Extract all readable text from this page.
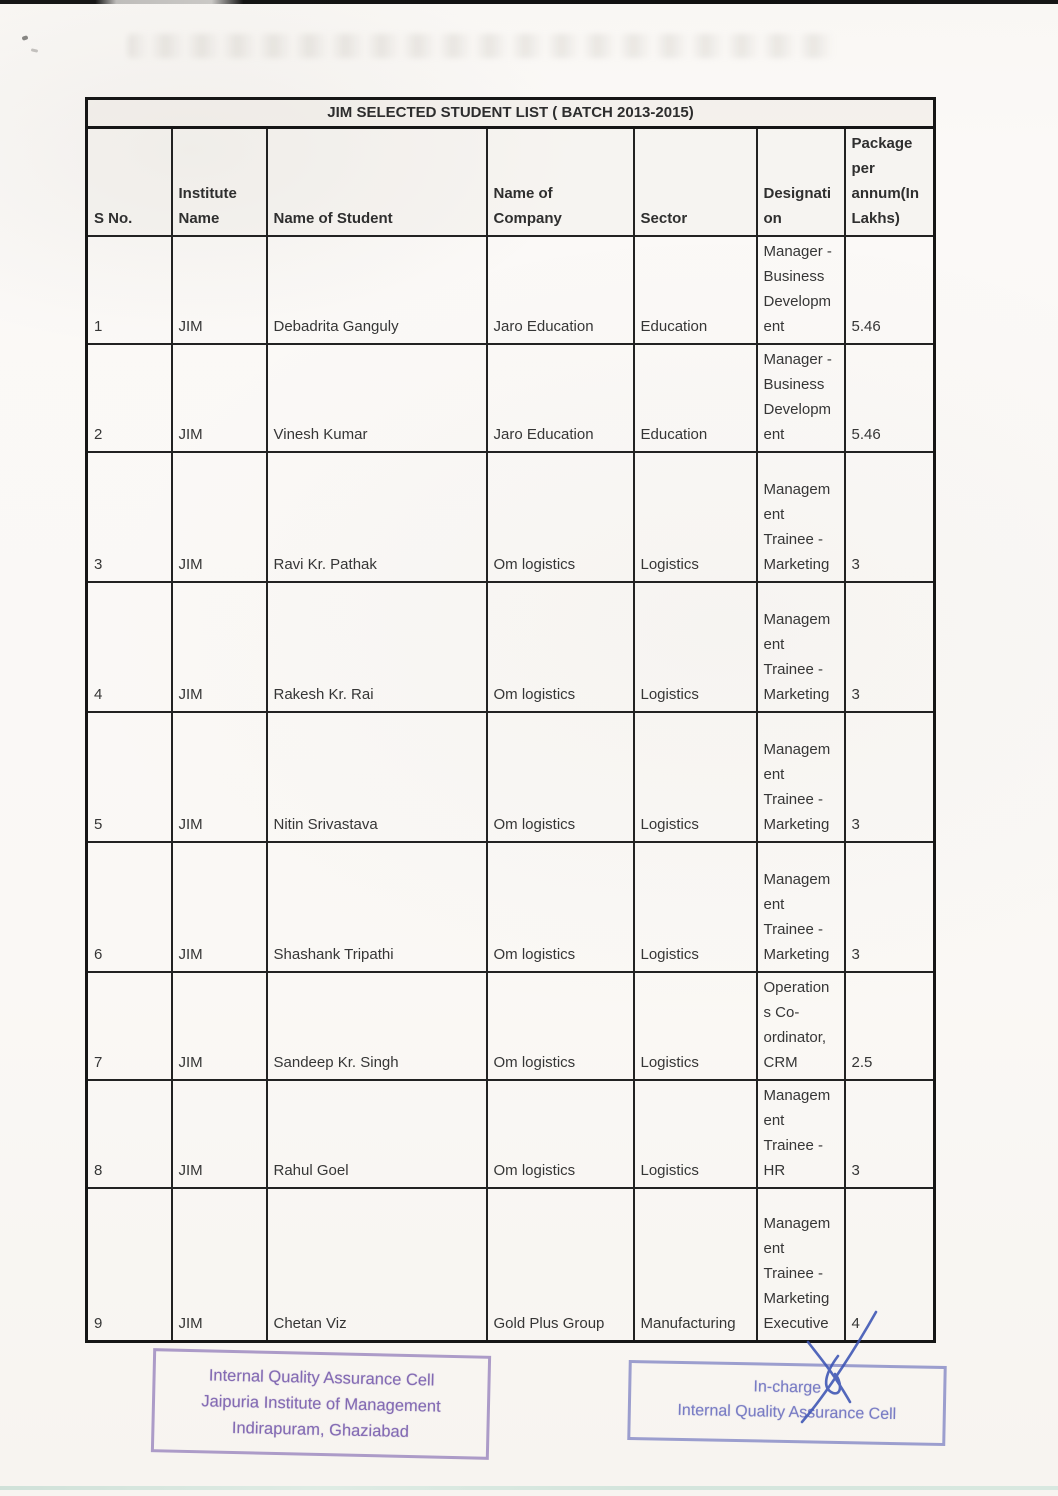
JIM SELECTED STUDENT LIST ( BATCH 2013-2015)						
S No.	Institute Name	Name of Student	Name of Company	Sector	Designation	Package per annum(In Lakhs)
1	JIM	Debadrita Ganguly	Jaro Education	Education	Manager - Business Development	5.46
2	JIM	Vinesh Kumar	Jaro Education	Education	Manager - Business Development	5.46
3	JIM	Ravi Kr. Pathak	Om logistics	Logistics	Management Trainee - Marketing	3
4	JIM	Rakesh Kr. Rai	Om logistics	Logistics	Management Trainee - Marketing	3
5	JIM	Nitin Srivastava	Om logistics	Logistics	Management Trainee - Marketing	3
6	JIM	Shashank Tripathi	Om logistics	Logistics	Management Trainee - Marketing	3
7	JIM	Sandeep Kr. Singh	Om logistics	Logistics	Operations Co-ordinator, CRM	2.5
8	JIM	Rahul Goel	Om logistics	Logistics	Management Trainee - HR	3
9	JIM	Chetan Viz	Gold Plus Group	Manufacturing	Management Trainee - Marketing Executive	4
Internal Quality Assurance Cell
Jaipuria Institute of Management
Indirapuram, Ghaziabad
In-charge
Internal Quality Assurance Cell
